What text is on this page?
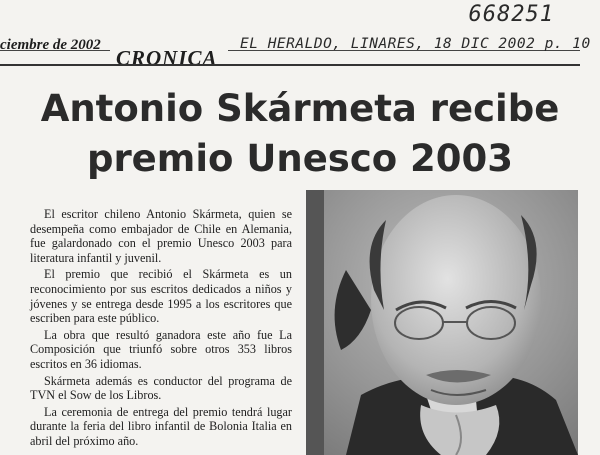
668251
ciembre de 2002
CRONICA
EL HERALDO, LINARES, 18 DIC 2002 p. 10
Antonio Skármeta recibe
premio Unesco 2003

El escritor chileno Antonio Skármeta, quien se desempeña como embajador de Chile en Alemania, fue galardonado con el premio Unesco 2003 para literatura infantil y juvenil.

El premio que recibió el Skármeta es un reconocimiento por sus escritos dedicados a niños y jóvenes y se entrega desde 1995 a los escritores que escriben para este público.

La obra que resultó ganadora este año fue La Composición que triunfó sobre otros 353 libros escritos en 36 idiomas.

Skármeta además es conductor del programa de TVN el Sow de los Libros.

La ceremonia de entrega del premio tendrá lugar durante la feria del libro infantil de Bolonia Italia en abril del próximo año.
